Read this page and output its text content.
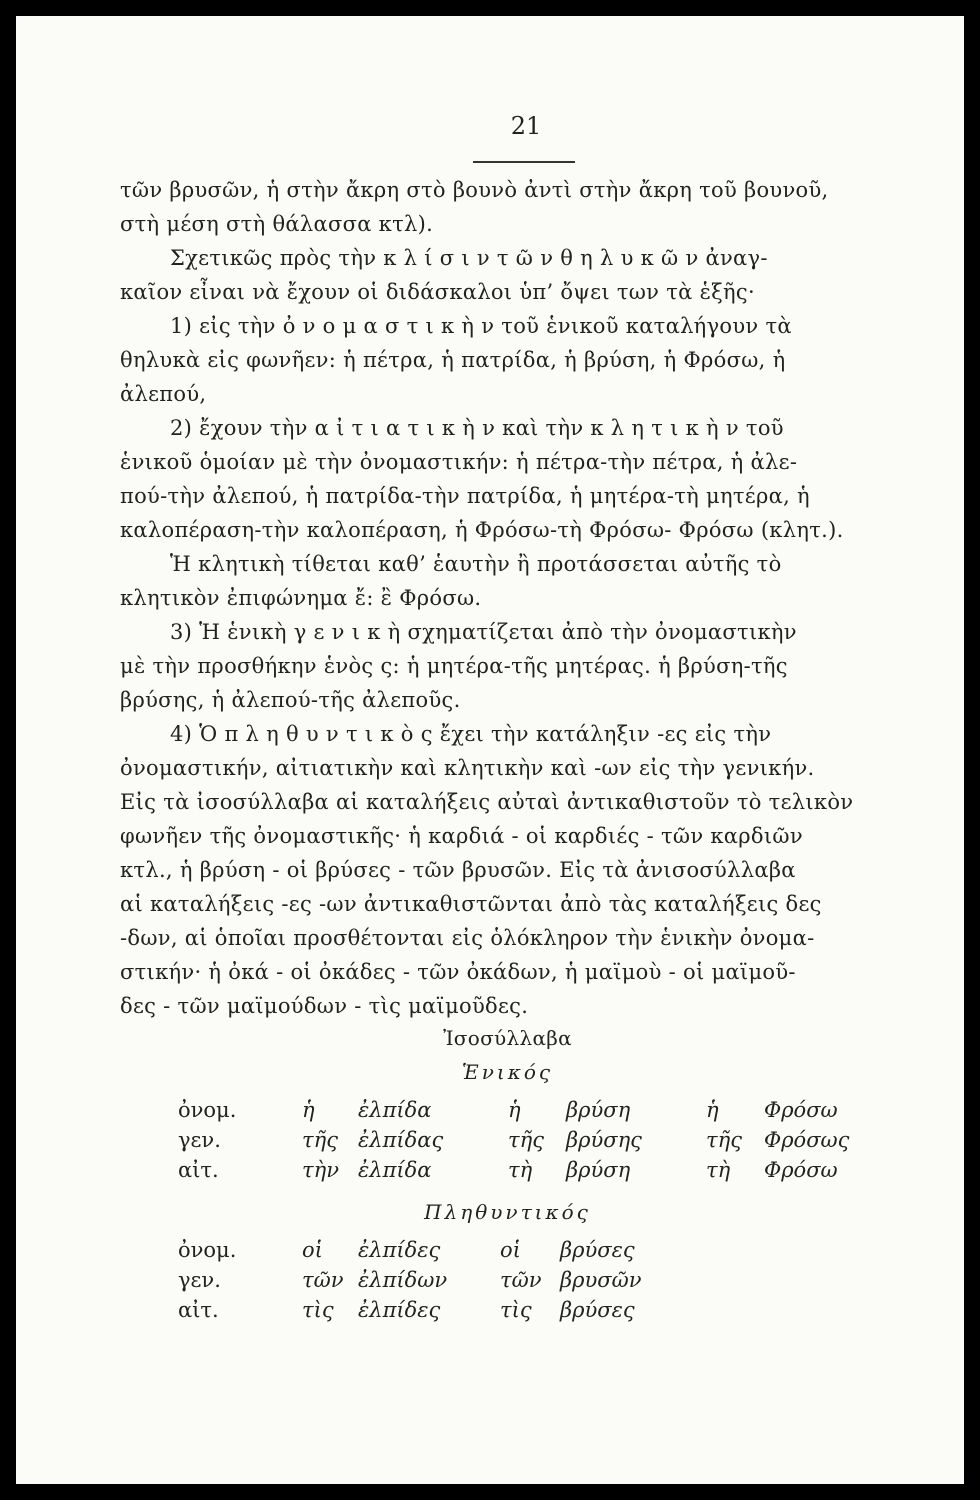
21
τῶν βρυσῶν, ἡ στὴν ἄκρη στὸ βουνὸ ἀντὶ στὴν ἄκρη τοῦ βουνοῦ,
στὴ μέση στὴ θάλασσα κτλ).
Σχετικῶς πρὸς τὴν κ λ ί σ ι ν τ ῶ ν θ η λ υ κ ῶ ν ἀναγ-
καῖον εἶναι νὰ ἔχουν οἱ διδάσκαλοι ὑπ’ ὄψει των τὰ ἑξῆς·
1) εἰς τὴν ὀ ν ο μ α σ τ ι κ ὴ ν τοῦ ἑνικοῦ καταλήγουν τὰ
θηλυκὰ εἰς φωνῆεν: ἡ πέτρα, ἡ πατρίδα, ἡ βρύση, ἡ Φρόσω, ἡ
ἀλεπού,
2) ἔχουν τὴν α ἰ τ ι α τ ι κ ὴ ν καὶ τὴν κ λ η τ ι κ ὴ ν τοῦ
ἑνικοῦ ὁμοίαν μὲ τὴν ὀνομαστικήν: ἡ πέτρα-τὴν πέτρα, ἡ ἀλε-
πού-τὴν ἀλεπού, ἡ πατρίδα-τὴν πατρίδα, ἡ μητέρα-τὴ μητέρα, ἡ
καλοπέραση-τὴν καλοπέραση, ἡ Φρόσω-τὴ Φρόσω- Φρόσω (κλητ.).
Ἡ κλητικὴ τίθεται καθ’ ἑαυτὴν ἢ προτάσσεται αὐτῆς τὸ
κλητικὸν ἐπιφώνημα ἔ: ἒ Φρόσω.
3) Ἡ ἑνικὴ γ ε ν ι κ ὴ σχηματίζεται ἀπὸ τὴν ὀνομαστικὴν
μὲ τὴν προσθήκην ἑνὸς ς: ἡ μητέρα-τῆς μητέρας. ἡ βρύση-τῆς
βρύσης, ἡ ἀλεπού-τῆς ἀλεποῦς.
4) Ὁ π λ η θ υ ν τ ι κ ὸ ς ἔχει τὴν κατάληξιν -ες εἰς τὴν
ὀνομαστικήν, αἰτιατικὴν καὶ κλητικὴν καὶ -ων εἰς τὴν γενικήν.
Εἰς τὰ ἰσοσύλλαβα αἱ καταλήξεις αὐταὶ ἀντικαθιστοῦν τὸ τελικὸν
φωνῆεν τῆς ὀνομαστικῆς· ἡ καρδιά - οἱ καρδιές - τῶν καρδιῶν
κτλ., ἡ βρύση - οἱ βρύσες - τῶν βρυσῶν. Εἰς τὰ ἀνισοσύλλαβα
αἱ καταλήξεις -ες -ων ἀντικαθιστῶνται ἀπὸ τὰς καταλήξεις δες
-δων, αἱ ὁποῖαι προσθέτονται εἰς ὁλόκληρον τὴν ἑνικὴν ὀνομα-
στικήν· ἡ ὀκά - οἱ ὀκάδες - τῶν ὀκάδων, ἡ μαϊμοὺ - οἱ μαϊμοῦ-
δες - τῶν μαϊμούδων - τὶς μαϊμοῦδες.
Ἰσοσύλλαβα
Ἑνικός
ὀνομ.	ἡ ἐλπίδα	ἡ βρύση	ἡ Φρόσω
γεν.	τῆς ἐλπίδας	τῆς βρύσης	τῆς Φρόσως
αἰτ.	τὴν ἐλπίδα	τὴ βρύση	τὴ Φρόσω
Πληθυντικός
ὀνομ.	οἱ ἐλπίδες	οἱ βρύσες
γεν.	τῶν ἐλπίδων	τῶν βρυσῶν
αἰτ.	τὶς ἐλπίδες	τὶς βρύσες
